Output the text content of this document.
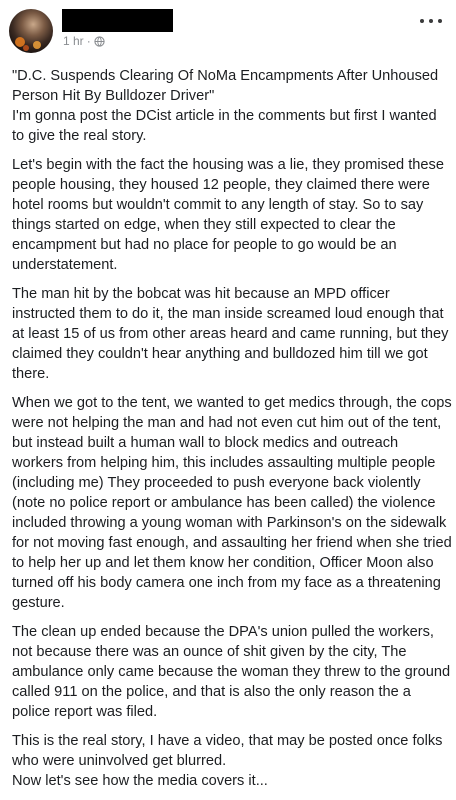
1 hr ·

"D.C. Suspends Clearing Of NoMa Encampments After Unhoused Person Hit By Bulldozer Driver"

I'm gonna post the DCist article in the comments but first I wanted to give the real story.

Let's begin with the fact the housing was a lie, they promised these people housing, they housed 12 people, they claimed there were hotel rooms but wouldn't commit to any length of stay. So to say things started on edge, when they still expected to clear the encampment but had no place for people to go would be an understatement.

The man hit by the bobcat was hit because an MPD officer instructed them to do it, the man inside screamed loud enough that at least 15 of us from other areas heard and came running, but they claimed they couldn't hear anything and bulldozed him till we got there.

When we got to the tent, we wanted to get medics through, the cops were not helping the man and had not even cut him out of the tent, but instead built a human wall to block medics and outreach workers from helping him, this includes assaulting multiple people (including me) They proceeded to push everyone back violently (note no police report or ambulance has been called) the violence included throwing a young woman with Parkinson's on the sidewalk for not moving fast enough, and assaulting her friend when she tried to help her up and let them know her condition, Officer Moon also turned off his body camera one inch from my face as a threatening gesture.

The clean up ended because the DPA's union pulled the workers, not because there was an ounce of shit given by the city, The ambulance only came because the woman they threw to the ground called 911 on the police, and that is also the only reason the a police report was filed.

This is the real story, I have a video, that may be posted once folks who were uninvolved get blurred.

Now let's see how the media covers it...
